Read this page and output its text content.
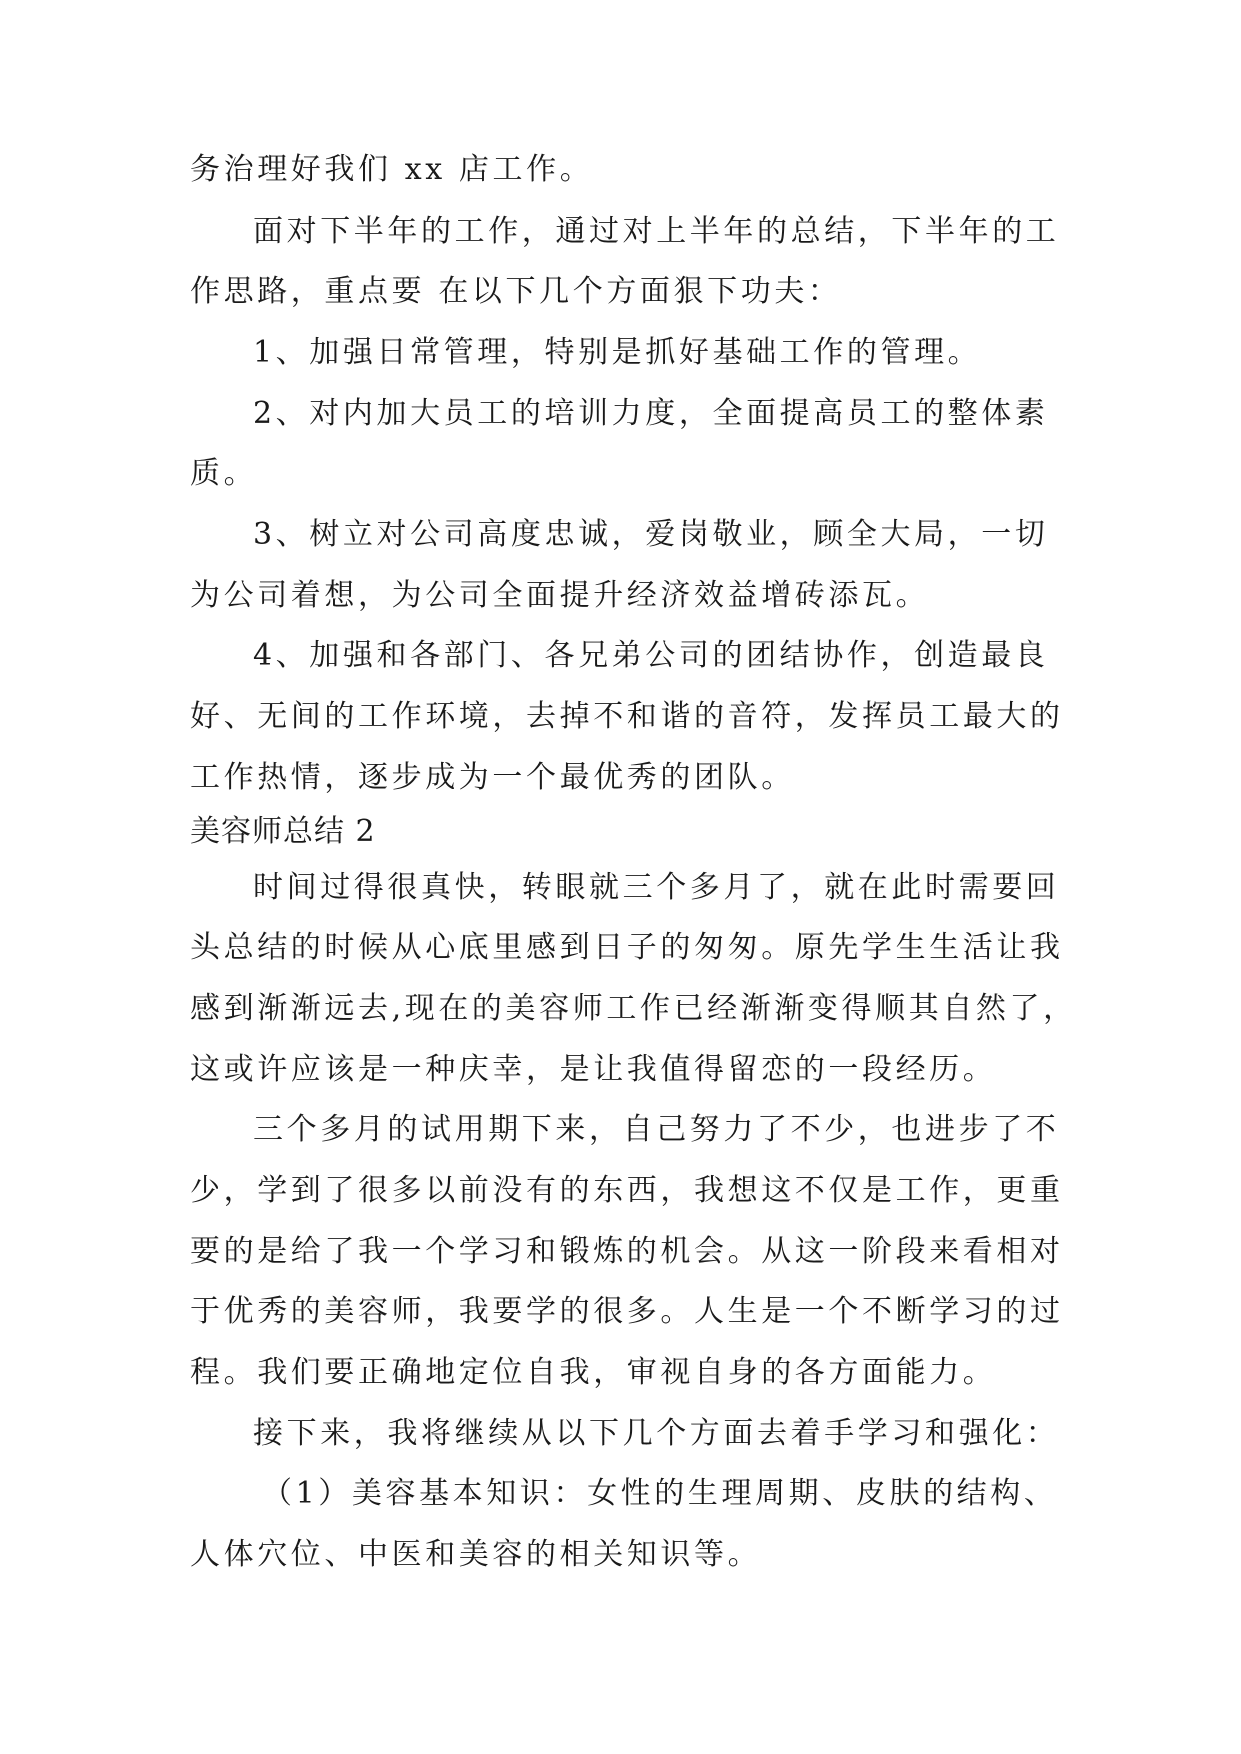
务治理好我们 xx 店工作。
面对下半年的工作，通过对上半年的总结，下半年的工
作思路，重点要 在以下几个方面狠下功夫：
1、加强日常管理，特别是抓好基础工作的管理。
2、对内加大员工的培训力度，全面提高员工的整体素
质。
3、树立对公司高度忠诚，爱岗敬业，顾全大局，一切
为公司着想，为公司全面提升经济效益增砖添瓦。
4、加强和各部门、各兄弟公司的团结协作，创造最良
好、无间的工作环境，去掉不和谐的音符，发挥员工最大的
工作热情，逐步成为一个最优秀的团队。
美容师总结 2
时间过得很真快，转眼就三个多月了，就在此时需要回
头总结的时候从心底里感到日子的匆匆。原先学生生活让我
感到渐渐远去,现在的美容师工作已经渐渐变得顺其自然了，
这或许应该是一种庆幸，是让我值得留恋的一段经历。
三个多月的试用期下来，自己努力了不少，也进步了不
少，学到了很多以前没有的东西，我想这不仅是工作，更重
要的是给了我一个学习和锻炼的机会。从这一阶段来看相对
于优秀的美容师，我要学的很多。人生是一个不断学习的过
程。我们要正确地定位自我，审视自身的各方面能力。
接下来，我将继续从以下几个方面去着手学习和强化：
（1）美容基本知识：女性的生理周期、皮肤的结构、
人体穴位、中医和美容的相关知识等。
